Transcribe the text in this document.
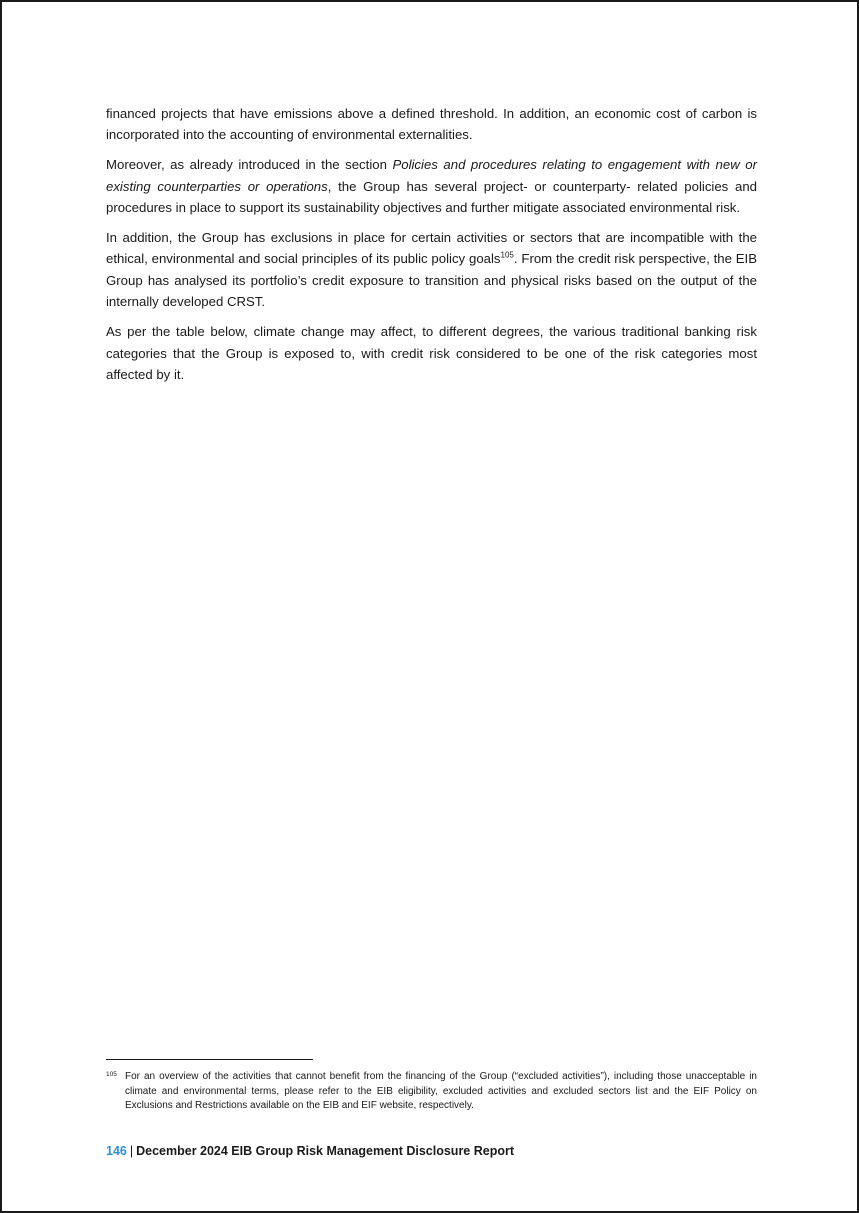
financed projects that have emissions above a defined threshold. In addition, an economic cost of carbon is incorporated into the accounting of environmental externalities.

Moreover, as already introduced in the section Policies and procedures relating to engagement with new or existing counterparties or operations, the Group has several project- or counterparty- related policies and procedures in place to support its sustainability objectives and further mitigate associated environmental risk.

In addition, the Group has exclusions in place for certain activities or sectors that are incompatible with the ethical, environmental and social principles of its public policy goals$^{105}$. From the credit risk perspective, the EIB Group has analysed its portfolio’s credit exposure to transition and physical risks based on the output of the internally developed CRST.

As per the table below, climate change may affect, to different degrees, the various traditional banking risk categories that the Group is exposed to, with credit risk considered to be one of the risk categories most affected by it.

105 For an overview of the activities that cannot benefit from the financing of the Group (“excluded activities”), including those unacceptable in climate and environmental terms, please refer to the EIB eligibility, excluded activities and excluded sectors list and the EIF Policy on Exclusions and Restrictions available on the EIB and EIF website, respectively.
146 | December 2024 EIB Group Risk Management Disclosure Report
